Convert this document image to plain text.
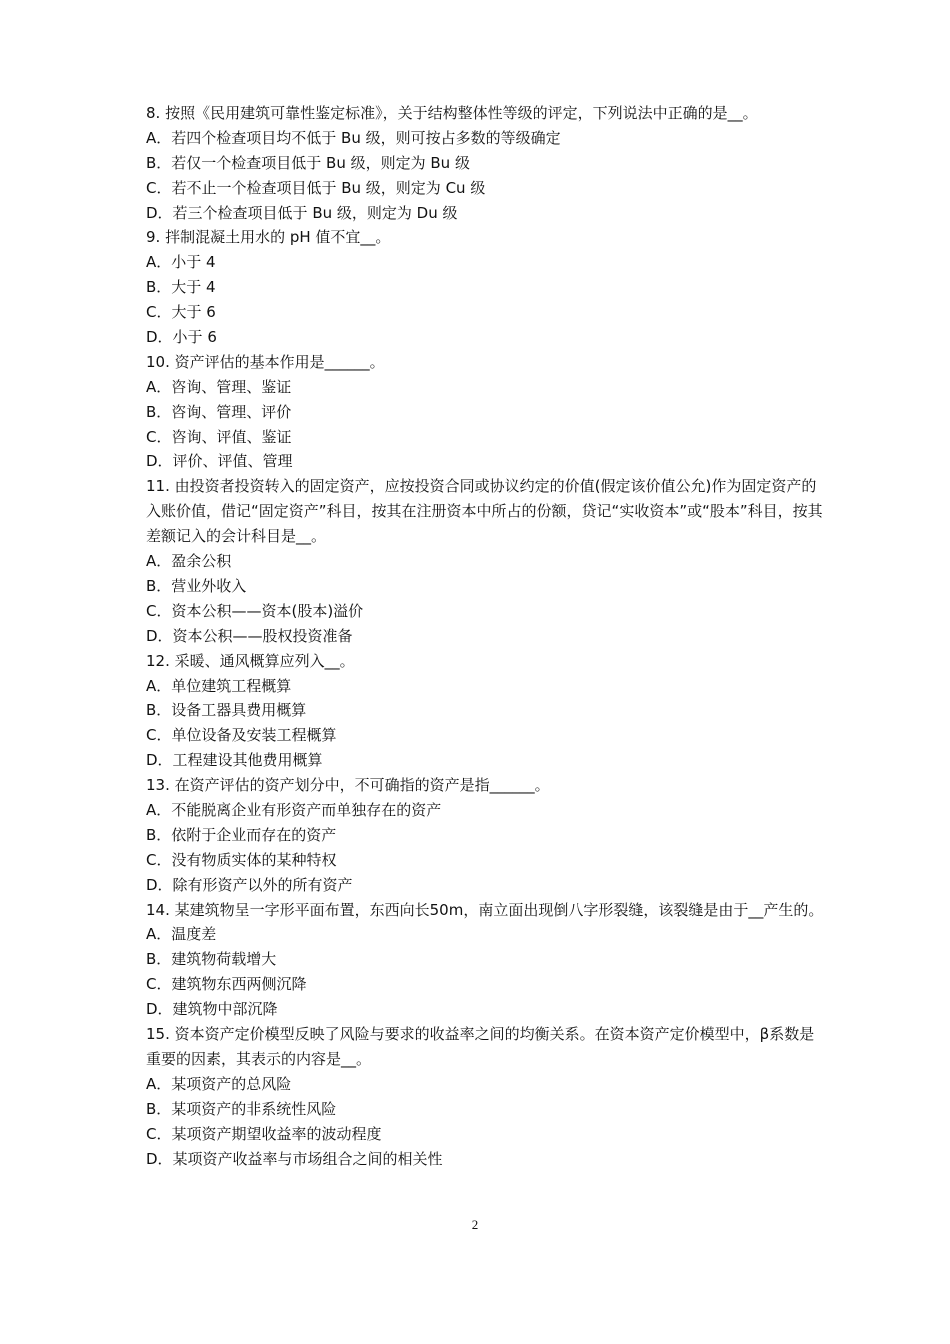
8. 按照《民用建筑可靠性鉴定标准》，关于结构整体性等级的评定，下列说法中正确的是__。
A．若四个检查项目均不低于 Bu 级，则可按占多数的等级确定
B．若仅一个检查项目低于 Bu 级，则定为 Bu 级
C．若不止一个检查项目低于 Bu 级，则定为 Cu 级
D．若三个检查项目低于 Bu 级，则定为 Du 级
9. 拌制混凝土用水的 pH 值不宜__。
A．小于 4
B．大于 4
C．大于 6
D．小于 6
10. 资产评估的基本作用是______。
A．咨询、管理、鉴证
B．咨询、管理、评价
C．咨询、评值、鉴证
D．评价、评值、管理
11. 由投资者投资转入的固定资产，应按投资合同或协议约定的价值(假定该价值公允)作为固定资产的入账价值，借记“固定资产”科目，按其在注册资本中所占的份额，贷记“实收资本”或“股本”科目，按其差额记入的会计科目是__。
A．盈余公积
B．营业外收入
C．资本公积——资本(股本)溢价
D．资本公积——股权投资准备
12. 采暖、通风概算应列入__。
A．单位建筑工程概算
B．设备工器具费用概算
C．单位设备及安装工程概算
D．工程建设其他费用概算
13. 在资产评估的资产划分中，不可确指的资产是指______。
A．不能脱离企业有形资产而单独存在的资产
B．依附于企业而存在的资产
C．没有物质实体的某种特权
D．除有形资产以外的所有资产
14. 某建筑物呈一字形平面布置，东西向长50m，南立面出现倒八字形裂缝，该裂缝是由于__产生的。
A．温度差
B．建筑物荷载增大
C．建筑物东西两侧沉降
D．建筑物中部沉降
15. 资本资产定价模型反映了风险与要求的收益率之间的均衡关系。在资本资产定价模型中，β系数是重要的因素，其表示的内容是__。
A．某项资产的总风险
B．某项资产的非系统性风险
C．某项资产期望收益率的波动程度
D．某项资产收益率与市场组合之间的相关性
2
